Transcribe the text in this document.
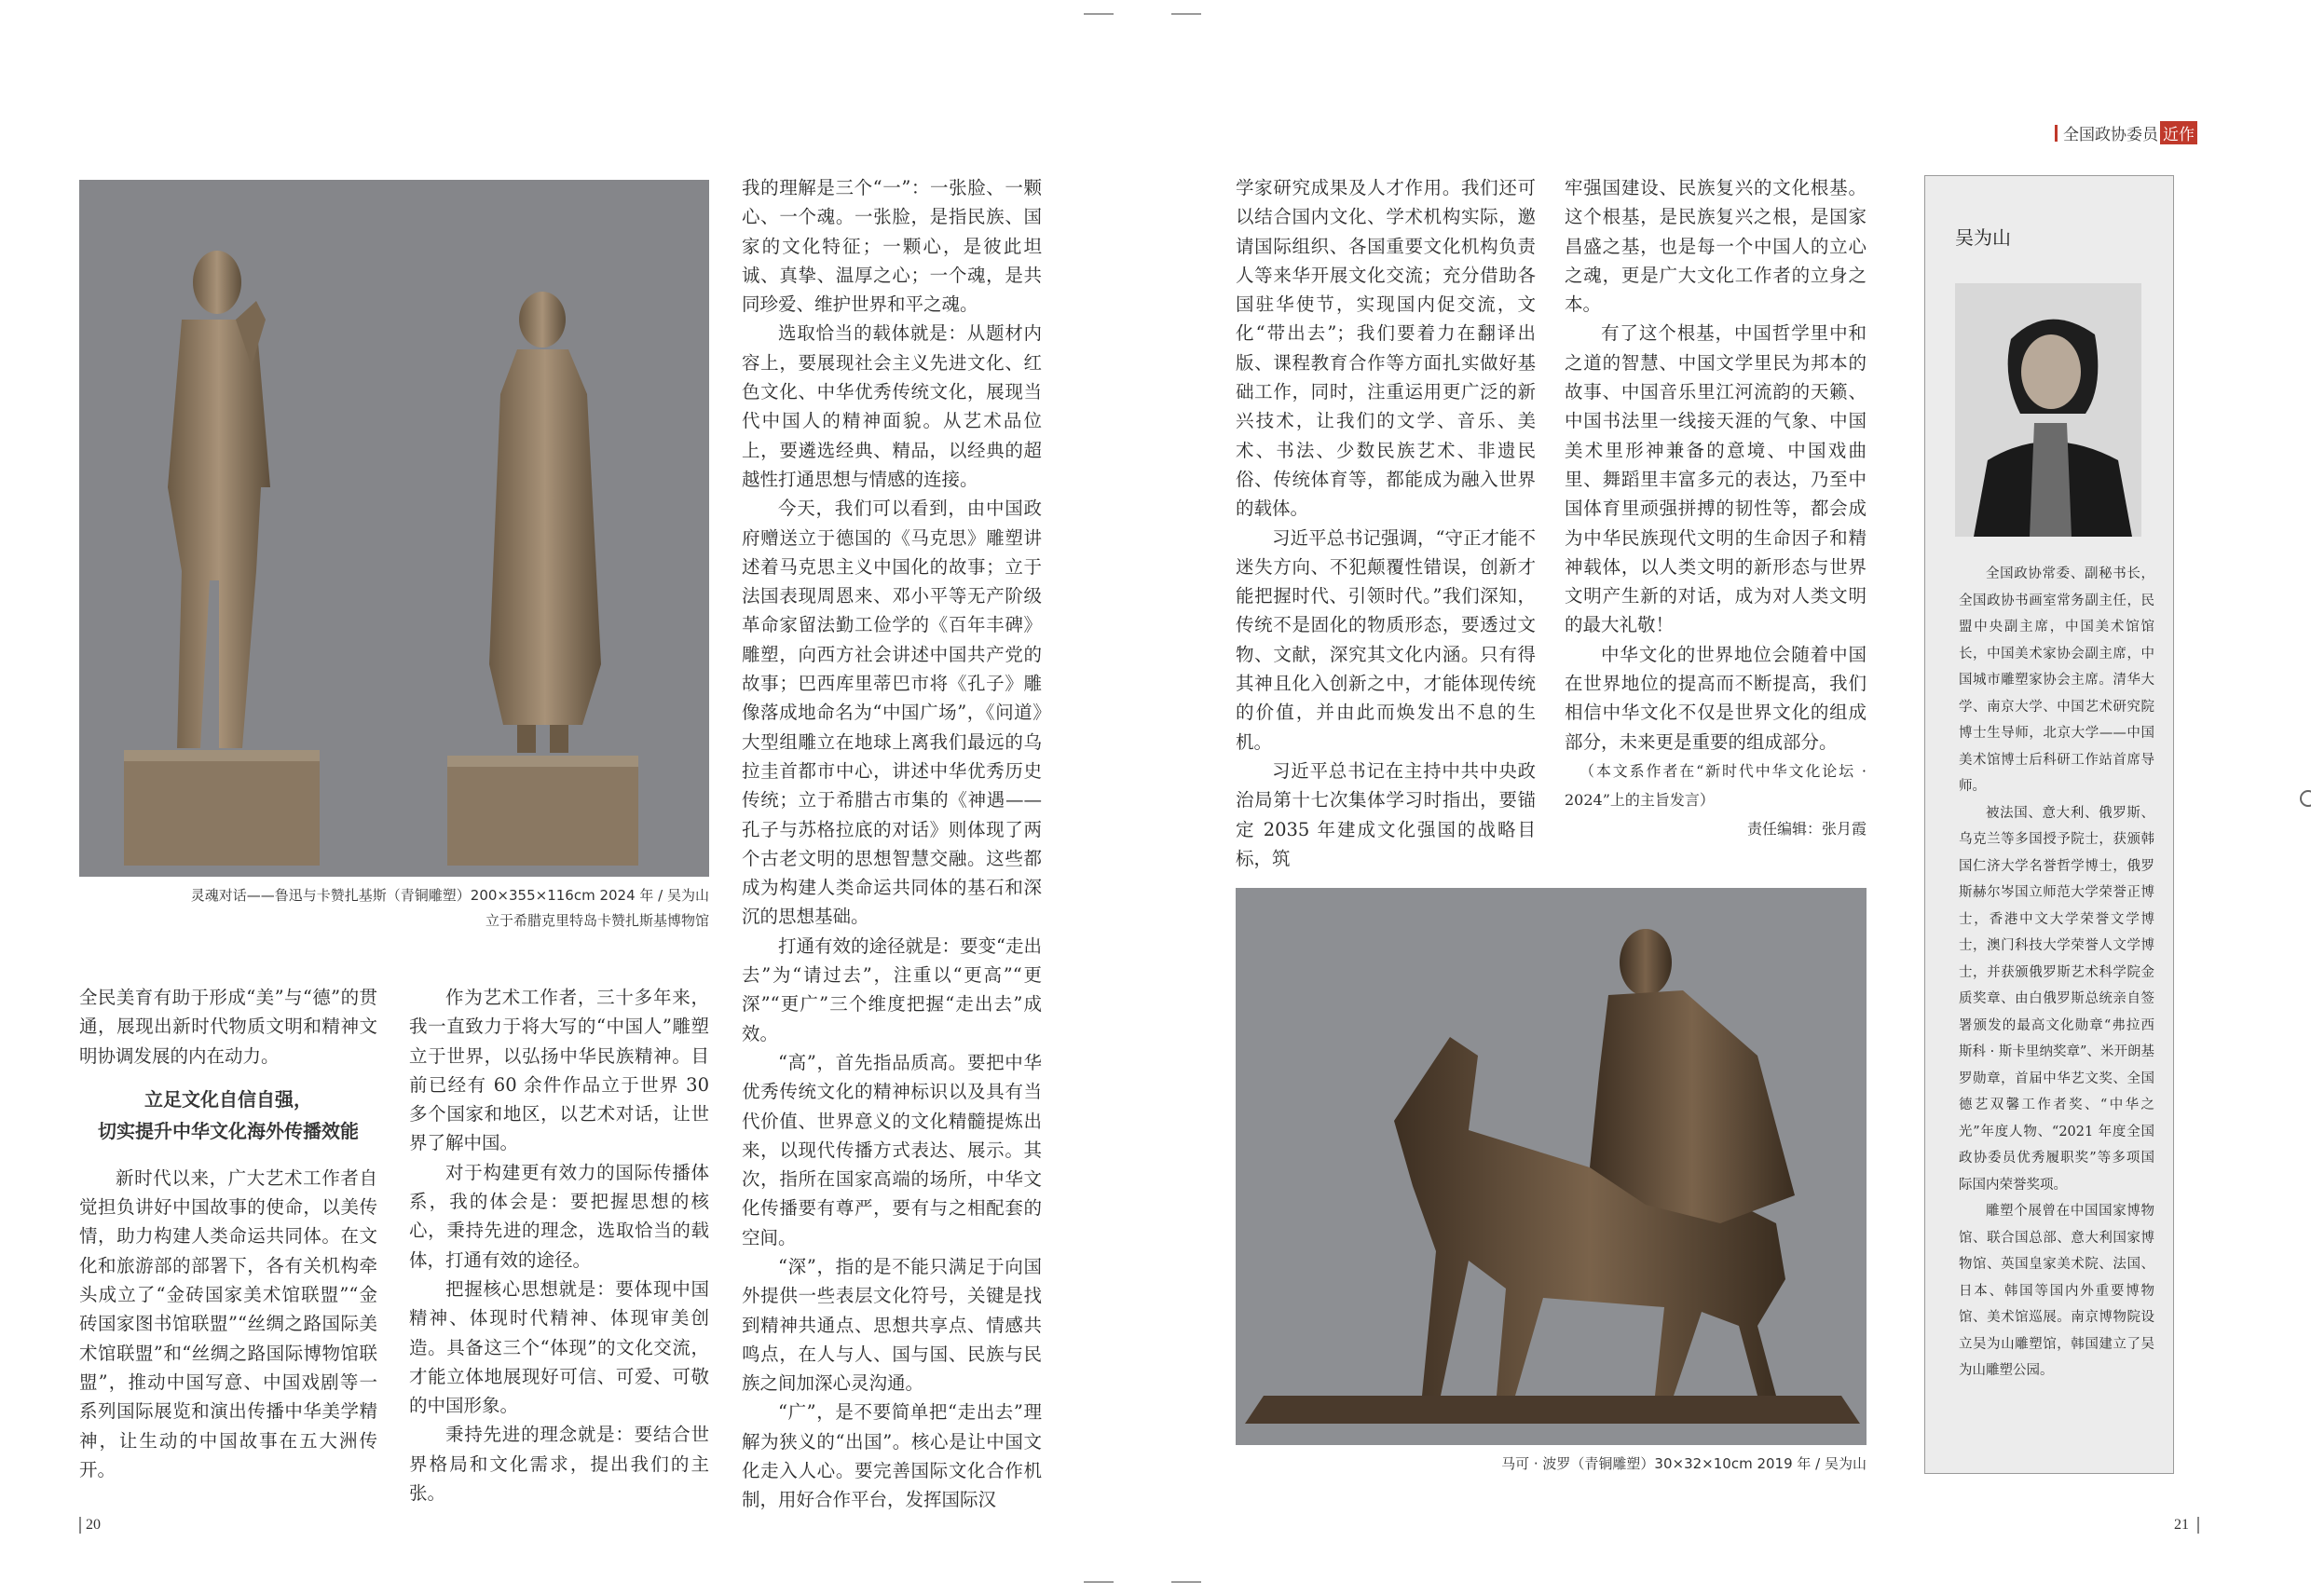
全国政协委员 近作
灵魂对话——鲁迅与卡赞扎基斯（青铜雕塑）200×355×116cm 2024 年 / 吴为山
立于希腊克里特岛卡赞扎斯基博物馆

全民美育有助于形成“美”与“德”的贯通，展现出新时代物质文明和精神文明协调发展的内在动力。

立足文化自信自强，
切实提升中华文化海外传播效能

新时代以来，广大艺术工作者自觉担负讲好中国故事的使命，以美传情，助力构建人类命运共同体。在文化和旅游部的部署下，各有关机构牵头成立了“金砖国家美术馆联盟”“金砖国家图书馆联盟”“丝绸之路国际美术馆联盟”和“丝绸之路国际博物馆联盟”，推动中国写意、中国戏剧等一系列国际展览和演出传播中华美学精神，让生动的中国故事在五大洲传开。

作为艺术工作者，三十多年来，我一直致力于将大写的“中国人”雕塑立于世界，以弘扬中华民族精神。目前已经有 60 余件作品立于世界 30 多个国家和地区，以艺术对话，让世界了解中国。

对于构建更有效力的国际传播体系，我的体会是：要把握思想的核心，秉持先进的理念，选取恰当的载体，打通有效的途径。

把握核心思想就是：要体现中国精神、体现时代精神、体现审美创造。具备这三个“体现”的文化交流，才能立体地展现好可信、可爱、可敬的中国形象。

秉持先进的理念就是：要结合世界格局和文化需求，提出我们的主张。

我的理解是三个“一”：一张脸、一颗心、一个魂。一张脸，是指民族、国家的文化特征；一颗心，是彼此坦诚、真挚、温厚之心；一个魂，是共同珍爱、维护世界和平之魂。

选取恰当的载体就是：从题材内容上，要展现社会主义先进文化、红色文化、中华优秀传统文化，展现当代中国人的精神面貌。从艺术品位上，要遴选经典、精品，以经典的超越性打通思想与情感的连接。

今天，我们可以看到，由中国政府赠送立于德国的《马克思》雕塑讲述着马克思主义中国化的故事；立于法国表现周恩来、邓小平等无产阶级革命家留法勤工俭学的《百年丰碑》雕塑，向西方社会讲述中国共产党的故事；巴西库里蒂巴市将《孔子》雕像落成地命名为“中国广场”，《问道》大型组雕立在地球上离我们最远的乌拉圭首都市中心，讲述中华优秀历史传统；立于希腊古市集的《神遇——孔子与苏格拉底的对话》则体现了两个古老文明的思想智慧交融。这些都成为构建人类命运共同体的基石和深沉的思想基础。

打通有效的途径就是：要变“走出去”为“请过去”，注重以“更高”“更深”“更广”三个维度把握“走出去”成效。

“高”，首先指品质高。要把中华优秀传统文化的精神标识以及具有当代价值、世界意义的文化精髓提炼出来，以现代传播方式表达、展示。其次，指所在国家高端的场所，中华文化传播要有尊严，要有与之相配套的空间。

“深”，指的是不能只满足于向国外提供一些表层文化符号，关键是找到精神共通点、思想共享点、情感共鸣点，在人与人、国与国、民族与民族之间加深心灵沟通。

“广”，是不要简单把“走出去”理解为狭义的“出国”。核心是让中国文化走入人心。要完善国际文化合作机制，用好合作平台，发挥国际汉

学家研究成果及人才作用。我们还可以结合国内文化、学术机构实际，邀请国际组织、各国重要文化机构负责人等来华开展文化交流；充分借助各国驻华使节，实现国内促交流，文化“带出去”；我们要着力在翻译出版、课程教育合作等方面扎实做好基础工作，同时，注重运用更广泛的新兴技术，让我们的文学、音乐、美术、书法、少数民族艺术、非遗民俗、传统体育等，都能成为融入世界的载体。

习近平总书记强调，“守正才能不迷失方向、不犯颠覆性错误，创新才能把握时代、引领时代。”我们深知，传统不是固化的物质形态，要透过文物、文献，深究其文化内涵。只有得其神且化入创新之中，才能体现传统的价值，并由此而焕发出不息的生机。

习近平总书记在主持中共中央政治局第十七次集体学习时指出，要锚定 2035 年建成文化强国的战略目标，筑

牢强国建设、民族复兴的文化根基。这个根基，是民族复兴之根，是国家昌盛之基，也是每一个中国人的立心之魂，更是广大文化工作者的立身之本。

有了这个根基，中国哲学里中和之道的智慧、中国文学里民为邦本的故事、中国音乐里江河流韵的天籁、中国书法里一线接天涯的气象、中国美术里形神兼备的意境、中国戏曲里、舞蹈里丰富多元的表达，乃至中国体育里顽强拼搏的韧性等，都会成为中华民族现代文明的生命因子和精神载体，以人类文明的新形态与世界文明产生新的对话，成为对人类文明的最大礼敬！

中华文化的世界地位会随着中国在世界地位的提高而不断提高，我们相信中华文化不仅是世界文化的组成部分，未来更是重要的组成部分。

（本文系作者在“新时代中华文化论坛 · 2024”上的主旨发言）

责任编辑：张月霞
马可 · 波罗（青铜雕塑）30×32×10cm 2019 年 / 吴为山
吴为山

全国政协常委、副秘书长，全国政协书画室常务副主任，民盟中央副主席，中国美术馆馆长，中国美术家协会副主席，中国城市雕塑家协会主席。清华大学、南京大学、中国艺术研究院博士生导师，北京大学——中国美术馆博士后科研工作站首席导师。

被法国、意大利、俄罗斯、乌克兰等多国授予院士，获颁韩国仁济大学名誉哲学博士，俄罗斯赫尔岑国立师范大学荣誉正博士，香港中文大学荣誉文学博士，澳门科技大学荣誉人文学博士，并获颁俄罗斯艺术科学院金质奖章、由白俄罗斯总统亲自签署颁发的最高文化勋章“弗拉西斯科 · 斯卡里纳奖章”、米开朗基罗勋章，首届中华艺文奖、全国德艺双馨工作者奖、“中华之光”年度人物、“2021 年度全国政协委员优秀履职奖”等多项国际国内荣誉奖项。

雕塑个展曾在中国国家博物馆、联合国总部、意大利国家博物馆、英国皇家美术院、法国、日本、韩国等国内外重要博物馆、美术馆巡展。南京博物院设立吴为山雕塑馆，韩国建立了吴为山雕塑公园。

20	21
